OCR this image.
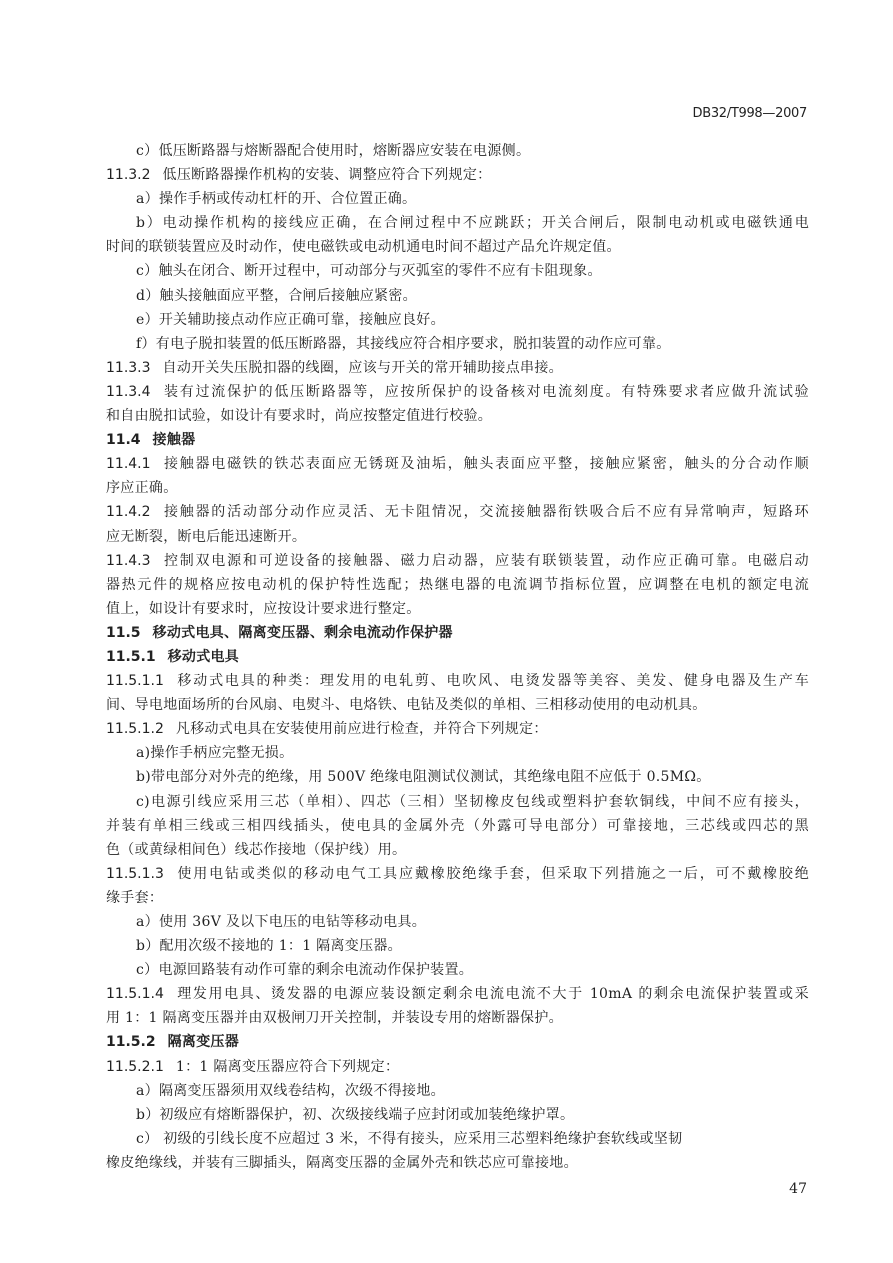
DB32/T998—2007
c）低压断路器与熔断器配合使用时，熔断器应安装在电源侧。
11.3.2 低压断路器操作机构的安装、调整应符合下列规定：
a）操作手柄或传动杠杆的开、合位置正确。
b）电动操作机构的接线应正确，在合闸过程中不应跳跃；开关合闸后，限制电动机或电磁铁通电
时间的联锁装置应及时动作，使电磁铁或电动机通电时间不超过产品允许规定值。
c）触头在闭合、断开过程中，可动部分与灭弧室的零件不应有卡阻现象。
d）触头接触面应平整，合闸后接触应紧密。
e）开关辅助接点动作应正确可靠，接触应良好。
f）有电子脱扣装置的低压断路器，其接线应符合相序要求，脱扣装置的动作应可靠。
11.3.3 自动开关失压脱扣器的线圈，应该与开关的常开辅助接点串接。
11.3.4 装有过流保护的低压断路器等，应按所保护的设备核对电流刻度。有特殊要求者应做升流试验
和自由脱扣试验，如设计有要求时，尚应按整定值进行校验。
11.4 接触器
11.4.1 接触器电磁铁的铁芯表面应无锈斑及油垢，触头表面应平整，接触应紧密，触头的分合动作顺
序应正确。
11.4.2 接触器的活动部分动作应灵活、无卡阻情况，交流接触器衔铁吸合后不应有异常响声，短路环
应无断裂，断电后能迅速断开。
11.4.3 控制双电源和可逆设备的接触器、磁力启动器，应装有联锁装置，动作应正确可靠。电磁启动
器热元件的规格应按电动机的保护特性选配；热继电器的电流调节指标位置，应调整在电机的额定电流
值上，如设计有要求时，应按设计要求进行整定。
11.5 移动式电具、隔离变压器、剩余电流动作保护器
11.5.1 移动式电具
11.5.1.1 移动式电具的种类：理发用的电轧剪、电吹风、电烫发器等美容、美发、健身电器及生产车
间、导电地面场所的台风扇、电熨斗、电烙铁、电钻及类似的单相、三相移动使用的电动机具。
11.5.1.2 凡移动式电具在安装使用前应进行检查，并符合下列规定：
a)操作手柄应完整无损。
b)带电部分对外壳的绝缘，用 500V 绝缘电阻测试仪测试，其绝缘电阻不应低于 0.5MΩ。
c)电源引线应采用三芯（单相）、四芯（三相）坚韧橡皮包线或塑料护套软铜线，中间不应有接头，
并装有单相三线或三相四线插头，使电具的金属外壳（外露可导电部分）可靠接地，三芯线或四芯的黑
色（或黄绿相间色）线芯作接地（保护线）用。
11.5.1.3 使用电钻或类似的移动电气工具应戴橡胶绝缘手套，但采取下列措施之一后，可不戴橡胶绝
缘手套：
a）使用 36V 及以下电压的电钻等移动电具。
b）配用次级不接地的 1：1 隔离变压器。
c）电源回路装有动作可靠的剩余电流动作保护装置。
11.5.1.4 理发用电具、烫发器的电源应装设额定剩余电流电流不大于 10mA 的剩余电流保护装置或采
用 1：1 隔离变压器并由双极闸刀开关控制，并装设专用的熔断器保护。
11.5.2 隔离变压器
11.5.2.1 1：1 隔离变压器应符合下列规定：
a）隔离变压器须用双线卷结构，次级不得接地。
b）初级应有熔断器保护，初、次级接线端子应封闭或加装绝缘护罩。
c） 初级的引线长度不应超过 3 米，不得有接头，应采用三芯塑料绝缘护套软线或坚韧
橡皮绝缘线，并装有三脚插头，隔离变压器的金属外壳和铁芯应可靠接地。
47
